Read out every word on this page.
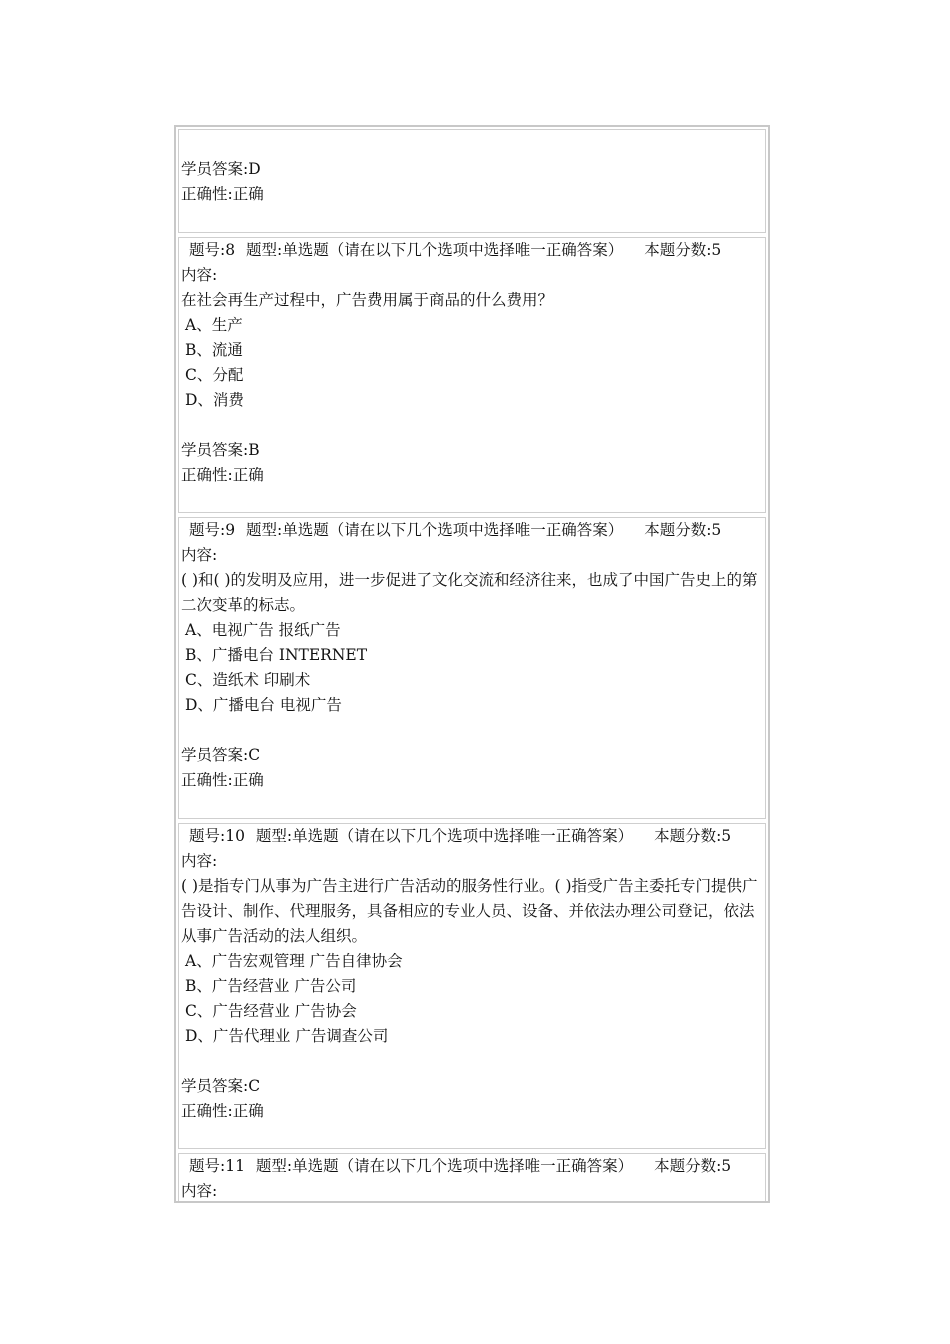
学员答案:D
正确性:正确
题号:8 题型:单选题（请在以下几个选项中选择唯一正确答案） 本题分数:5
内容:
在社会再生产过程中，广告费用属于商品的什么费用？
A、生产
B、流通
C、分配
D、消费
学员答案:B
正确性:正确
题号:9 题型:单选题（请在以下几个选项中选择唯一正确答案） 本题分数:5
内容:
( )和( )的发明及应用，进一步促进了文化交流和经济往来，也成了中国广告史上的第二次变革的标志。
A、电视广告 报纸广告
B、广播电台 INTERNET
C、造纸术 印刷术
D、广播电台 电视广告
学员答案:C
正确性:正确
题号:10 题型:单选题（请在以下几个选项中选择唯一正确答案） 本题分数:5
内容:
( )是指专门从事为广告主进行广告活动的服务性行业。( )指受广告主委托专门提供广告设计、制作、代理服务，具备相应的专业人员、设备、并依法办理公司登记，依法从事广告活动的法人组织。
A、广告宏观管理 广告自律协会
B、广告经营业 广告公司
C、广告经营业 广告协会
D、广告代理业 广告调查公司
学员答案:C
正确性:正确
题号:11 题型:单选题（请在以下几个选项中选择唯一正确答案） 本题分数:5
内容:
